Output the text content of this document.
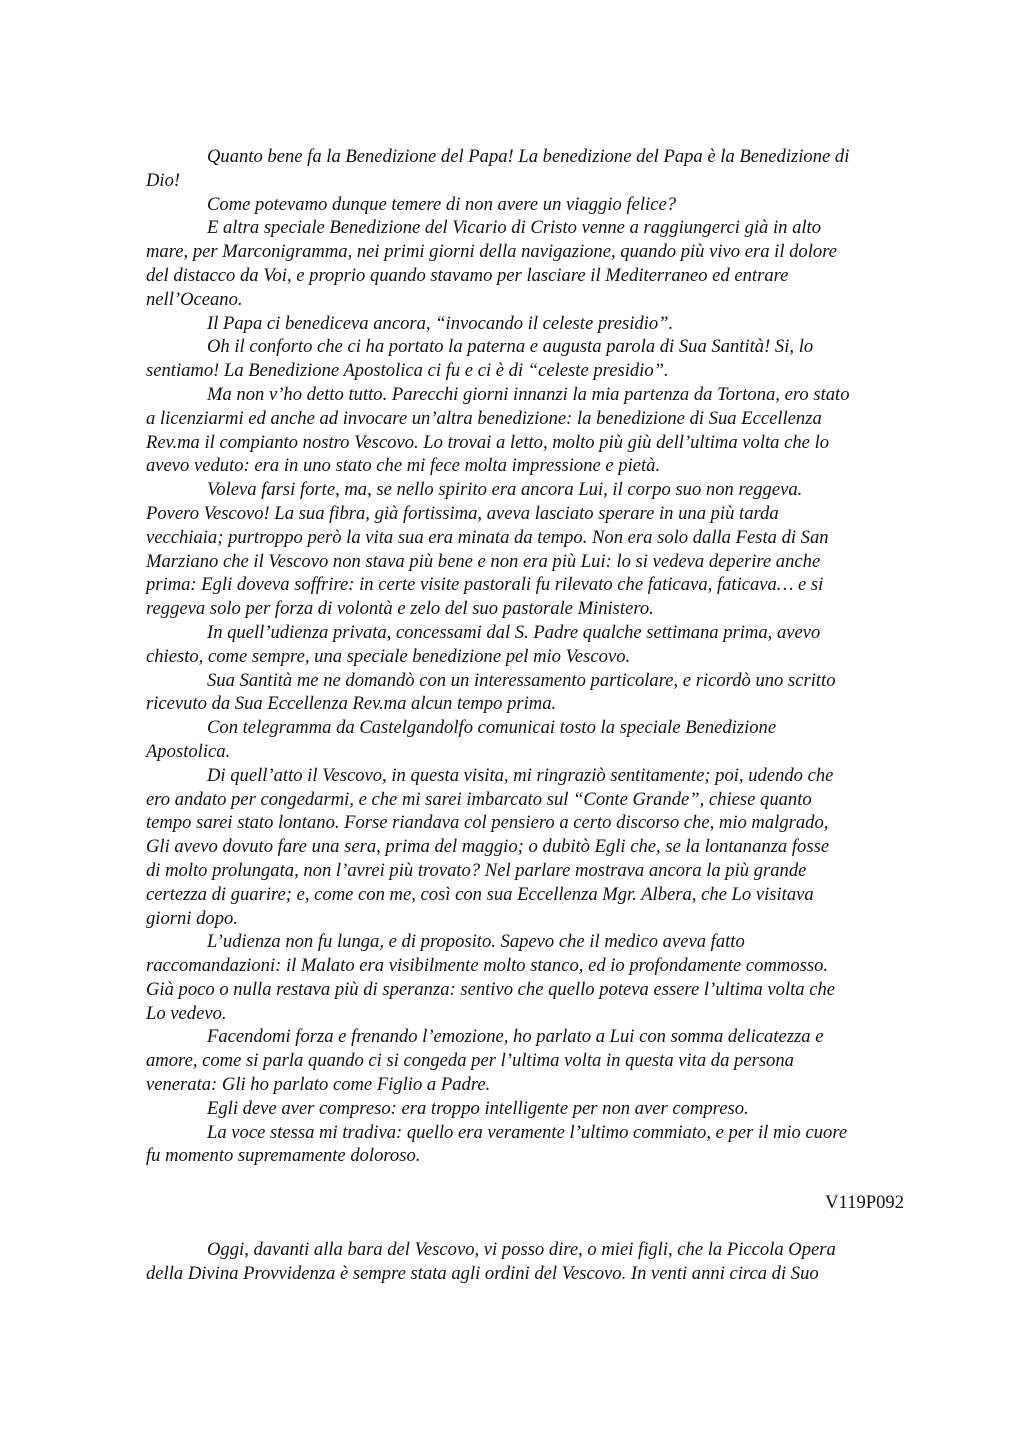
Quanto bene fa la Benedizione del Papa! La benedizione del Papa è la Benedizione di
Dio!

Come potevamo dunque temere di non avere un viaggio felice?

E altra speciale Benedizione del Vicario di Cristo venne a raggiungerci già in alto
mare, per Marconigramma, nei primi giorni della navigazione, quando più vivo era il dolore
del distacco da Voi, e proprio quando stavamo per lasciare il Mediterraneo ed entrare
nell’Oceano.

Il Papa ci benediceva ancora, “invocando il celeste presidio”.

Oh il conforto che ci ha portato la paterna e augusta parola di Sua Santità! Si, lo
sentiamo! La Benedizione Apostolica ci fu e ci è di “celeste presidio”.

Ma non v’ho detto tutto. Parecchi giorni innanzi la mia partenza da Tortona, ero stato
a licenziarmi ed anche ad invocare un’altra benedizione: la benedizione di Sua Eccellenza
Rev.ma il compianto nostro Vescovo. Lo trovai a letto, molto più giù dell’ultima volta che lo
avevo veduto: era in uno stato che mi fece molta impressione e pietà.

Voleva farsi forte, ma, se nello spirito era ancora Lui, il corpo suo non reggeva.
Povero Vescovo! La sua fibra, già fortissima, aveva lasciato sperare in una più tarda
vecchiaia; purtroppo però la vita sua era minata da tempo. Non era solo dalla Festa di San
Marziano che il Vescovo non stava più bene e non era più Lui: lo si vedeva deperire anche
prima: Egli doveva soffrire: in certe visite pastorali fu rilevato che faticava, faticava… e si
reggeva solo per forza di volontà e zelo del suo pastorale Ministero.

In quell’udienza privata, concessami dal S. Padre qualche settimana prima, avevo
chiesto, come sempre, una speciale benedizione pel mio Vescovo.

Sua Santità me ne domandò con un interessamento particolare, e ricordò uno scritto
ricevuto da Sua Eccellenza Rev.ma alcun tempo prima.

Con telegramma da Castelgandolfo comunicai tosto la speciale Benedizione
Apostolica.

Di quell’atto il Vescovo, in questa visita, mi ringraziò sentitamente; poi, udendo che
ero andato per congedarmi, e che mi sarei imbarcato sul “Conte Grande”, chiese quanto
tempo sarei stato lontano. Forse riandava col pensiero a certo discorso che, mio malgrado,
Gli avevo dovuto fare una sera, prima del maggio; o dubitò Egli che, se la lontananza fosse
di molto prolungata, non l’avrei più trovato? Nel parlare mostrava ancora la più grande
certezza di guarire; e, come con me, così con sua Eccellenza Mgr. Albera, che Lo visitava
giorni dopo.

L’udienza non fu lunga, e di proposito. Sapevo che il medico aveva fatto
raccomandazioni: il Malato era visibilmente molto stanco, ed io profondamente commosso.
Già poco o nulla restava più di speranza: sentivo che quello poteva essere l’ultima volta che
Lo vedevo.

Facendomi forza e frenando l’emozione, ho parlato a Lui con somma delicatezza e
amore, come si parla quando ci si congeda per l’ultima volta in questa vita da persona
venerata: Gli ho parlato come Figlio a Padre.

Egli deve aver compreso: era troppo intelligente per non aver compreso.

La voce stessa mi tradiva: quello era veramente l’ultimo commiato, e per il mio cuore
fu momento supremamente doloroso.

V119P092

Oggi, davanti alla bara del Vescovo, vi posso dire, o miei figli, che la Piccola Opera
della Divina Provvidenza è sempre stata agli ordini del Vescovo. In venti anni circa di Suo
